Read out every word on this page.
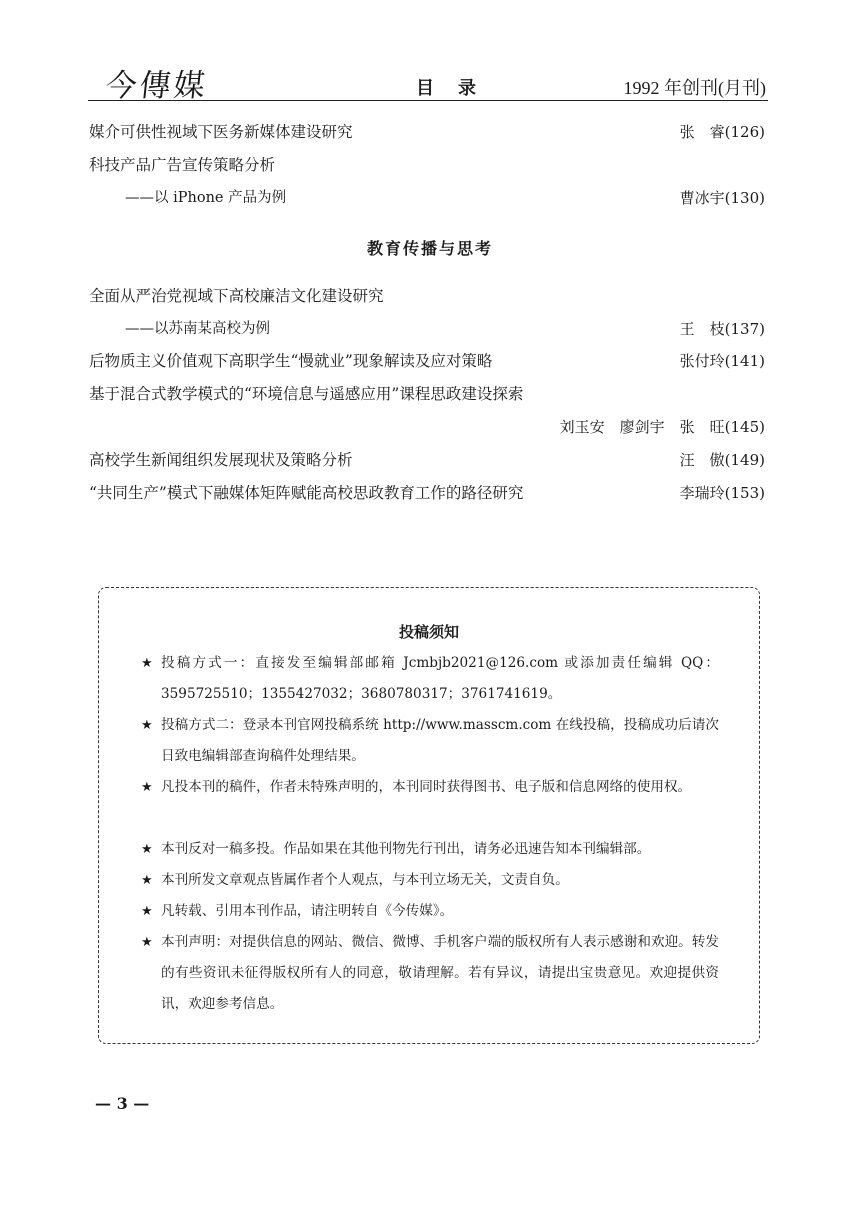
今傳媒	目录	1992 年创刊(月刊)
媒介可供性视域下医务新媒体建设研究	张　睿(126)
科技产品广告宣传策略分析
——以 iPhone 产品为例	曹冰宇(130)
教育传播与思考
全面从严治党视域下高校廉洁文化建设研究
——以苏南某高校为例	王　枝(137)
后物质主义价值观下高职学生“慢就业”现象解读及应对策略	张付玲(141)
基于混合式教学模式的“环境信息与遥感应用”课程思政建设探索
刘玉安　廖剑宇　张　旺(145)
高校学生新闻组织发展现状及策略分析	汪　傲(149)
“共同生产”模式下融媒体矩阵赋能高校思政教育工作的路径研究	李瑞玲(153)
投稿须知
★ 投稿方式一：直接发至编辑部邮箱 Jcmbjb2021@126.com 或添加责任编辑 QQ：3595725510；1355427032；3680780317；3761741619。
★ 投稿方式二：登录本刊官网投稿系统 http://www.masscm.com 在线投稿，投稿成功后请次日致电编辑部查询稿件处理结果。
★ 凡投本刊的稿件，作者未特殊声明的，本刊同时获得图书、电子版和信息网络的使用权。
★ 本刊反对一稿多投。作品如果在其他刊物先行刊出，请务必迅速告知本刊编辑部。
★ 本刊所发文章观点皆属作者个人观点，与本刊立场无关，文责自负。
★ 凡转载、引用本刊作品，请注明转自《今传媒》。
★ 本刊声明：对提供信息的网站、微信、微博、手机客户端的版权所有人表示感谢和欢迎。转发的有些资讯未征得版权所有人的同意，敬请理解。若有异议，请提出宝贵意见。欢迎提供资讯，欢迎参考信息。
— 3 —
